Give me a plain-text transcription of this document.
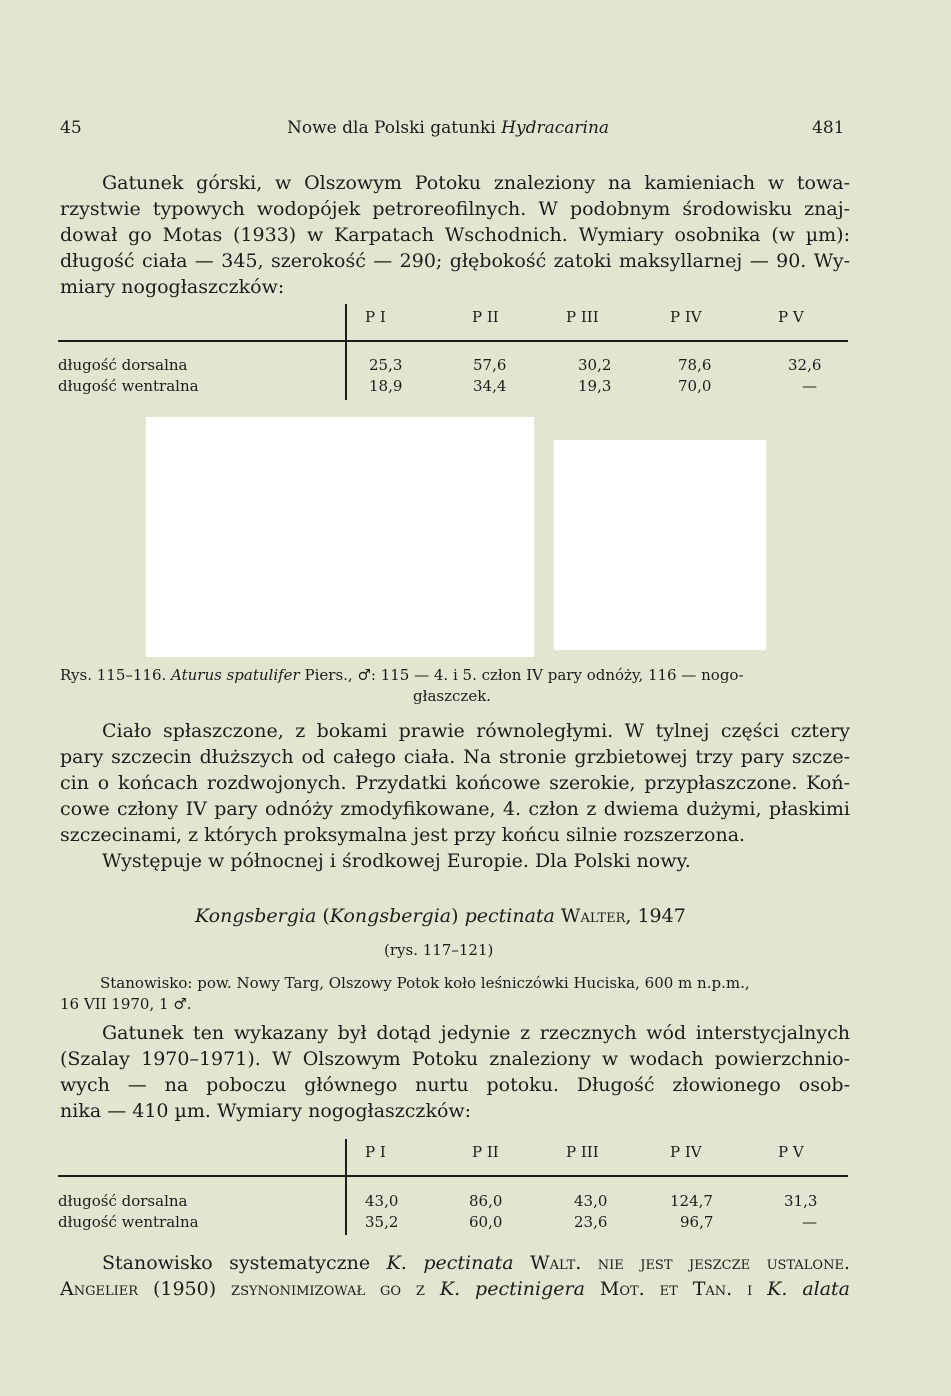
45	Nowe dla Polski gatunki Hydracarina	481
Gatunek górski, w Olszowym Potoku znaleziony na kamieniach w towa-
rzystwie typowych wodopójek petroreofilnych. W podobnym środowisku znaj-
dował go Motas (1933) w Karpatach Wschodnich. Wymiary osobnika (w µm):
długość ciała — 345, szerokość — 290; głębokość zatoki maksyllarnej — 90. Wy-
miary nogogłaszczków:
P I	P II	P III	P IV	P V
długość dorsalna	25,3	57,6	30,2	78,6	32,6
długość wentralna	18,9	34,4	19,3	70,0	—
Rys. 115–116. Aturus spatulifer Piers., ♂: 115 — 4. i 5. człon IV pary odnóży, 116 — nogo-
głaszczek.
Ciało spłaszczone, z bokami prawie równoległymi. W tylnej części cztery
pary szczecin dłuższych od całego ciała. Na stronie grzbietowej trzy pary szcze-
cin o końcach rozdwojonych. Przydatki końcowe szerokie, przypłaszczone. Koń-
cowe człony IV pary odnóży zmodyfikowane, 4. człon z dwiema dużymi, płaskimi
szczecinami, z których proksymalna jest przy końcu silnie rozszerzona.
Występuje w północnej i środkowej Europie. Dla Polski nowy.
Kongsbergia (Kongsbergia) pectinata Walter, 1947
(rys. 117–121)
Stanowisko: pow. Nowy Targ, Olszowy Potok koło leśniczówki Huciska, 600 m n.p.m.,
16 VII 1970, 1 ♂.
Gatunek ten wykazany był dotąd jedynie z rzecznych wód interstycjalnych
(Szalay 1970–1971). W Olszowym Potoku znaleziony w wodach powierzchnio-
wych — na poboczu głównego nurtu potoku. Długość złowionego osob-
nika — 410 µm. Wymiary nogogłaszczków:
P I	P II	P III	P IV	P V
długość dorsalna	43,0	86,0	43,0	124,7	31,3
długość wentralna	35,2	60,0	23,6	96,7	—
Stanowisko systematyczne K. pectinata Walt. nie jest jeszcze ustalone.
Angelier (1950) zsynonimizował go z K. pectinigera Mot. et Tan. i K. alata
